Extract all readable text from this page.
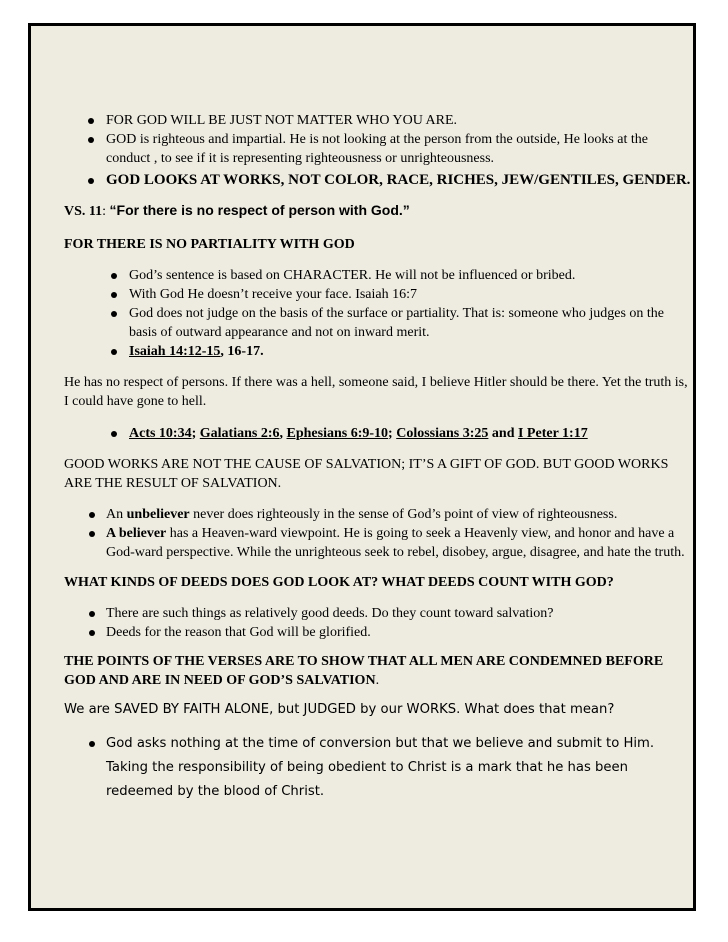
FOR GOD WILL BE JUST NOT MATTER WHO YOU ARE.
GOD is righteous and impartial. He is not looking at the person from the outside, He looks at the conduct , to see if it is representing righteousness or unrighteousness.
GOD LOOKS AT WORKS, NOT COLOR, RACE, RICHES, JEW/GENTILES, GENDER.

VS. 11: “For there is no respect of person with God.”

FOR THERE IS NO PARTIALITY WITH GOD

God’s sentence is based on CHARACTER. He will not be influenced or bribed.
With God He doesn’t receive your face. Isaiah 16:7
God does not judge on the basis of the surface or partiality. That is: someone who judges on the basis of outward appearance and not on inward merit.
Isaiah 14:12-15, 16-17.

He has no respect of persons. If there was a hell, someone said, I believe Hitler should be there. Yet the truth is, I could have gone to hell.

Acts 10:34; Galatians 2:6, Ephesians 6:9-10; Colossians 3:25 and I Peter 1:17

GOOD WORKS ARE NOT THE CAUSE OF SALVATION; IT’S A GIFT OF GOD. BUT GOOD WORKS ARE THE RESULT OF SALVATION.

An unbeliever never does righteously in the sense of God’s point of view of righteousness.
A believer has a Heaven-ward viewpoint. He is going to seek a Heavenly view, and honor and have a God-ward perspective. While the unrighteous seek to rebel, disobey, argue, disagree, and hate the truth.

WHAT KINDS OF DEEDS DOES GOD LOOK AT? WHAT DEEDS COUNT WITH GOD?

There are such things as relatively good deeds. Do they count toward salvation?
Deeds for the reason that God will be glorified.

THE POINTS OF THE VERSES ARE TO SHOW THAT ALL MEN ARE CONDEMNED BEFORE GOD AND ARE IN NEED OF GOD’S SALVATION.

We are SAVED BY FAITH ALONE, but JUDGED by our WORKS. What does that mean?

God asks nothing at the time of conversion but that we believe and submit to Him. Taking the responsibility of being obedient to Christ is a mark that he has been redeemed by the blood of Christ.
